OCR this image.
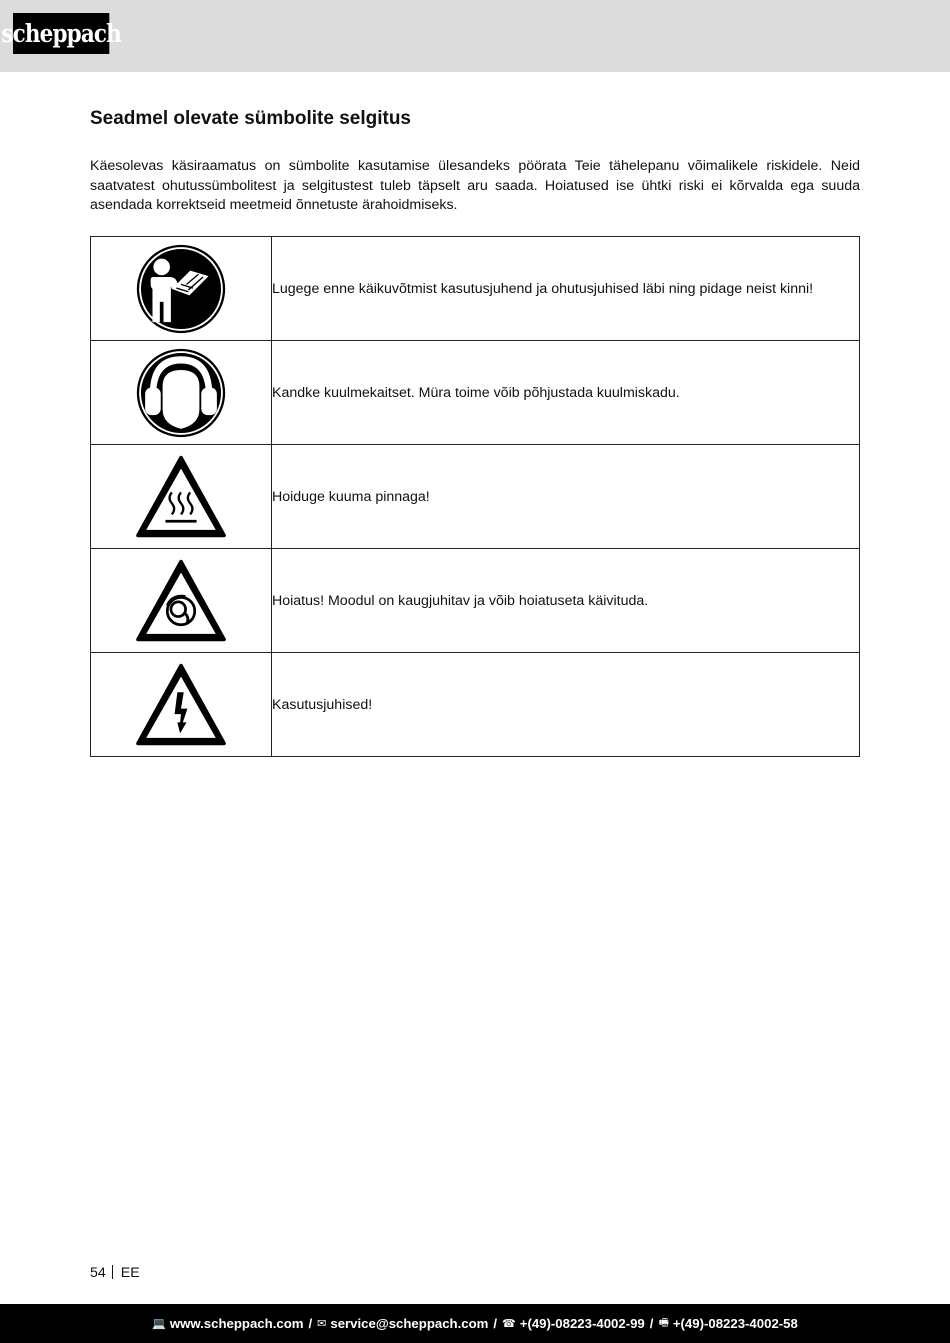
scheppach
Seadmel olevate sümbolite selgitus

Käesolevas käsiraamatus on sümbolite kasutamise ülesandeks pöörata Teie tähelepanu võimalikele riskidele. Neid saatvatest ohutussümbolitest ja selgitustest tuleb täpselt aru saada. Hoiatused ise ühtki riski ei kõrvalda ega suuda asendada korrektseid meetmeid õnnetuste ärahoidmiseks.

	Lugege enne käikuvõtmist kasutusjuhend ja ohutusjuhised läbi ning pidage neist kinni!

	Kandke kuulmekaitset. Müra toime võib põhjustada kuulmiskadu.

	Hoiduge kuuma pinnaga!

	Hoiatus! Moodul on kaugjuhitav ja võib hoiatuseta käivituda.

	Kasutusjuhised!
54 EE
💻 www.scheppach.com / ✉ service@scheppach.com / ☎ +(49)-08223-4002-99 / 🖷 +(49)-08223-4002-58
